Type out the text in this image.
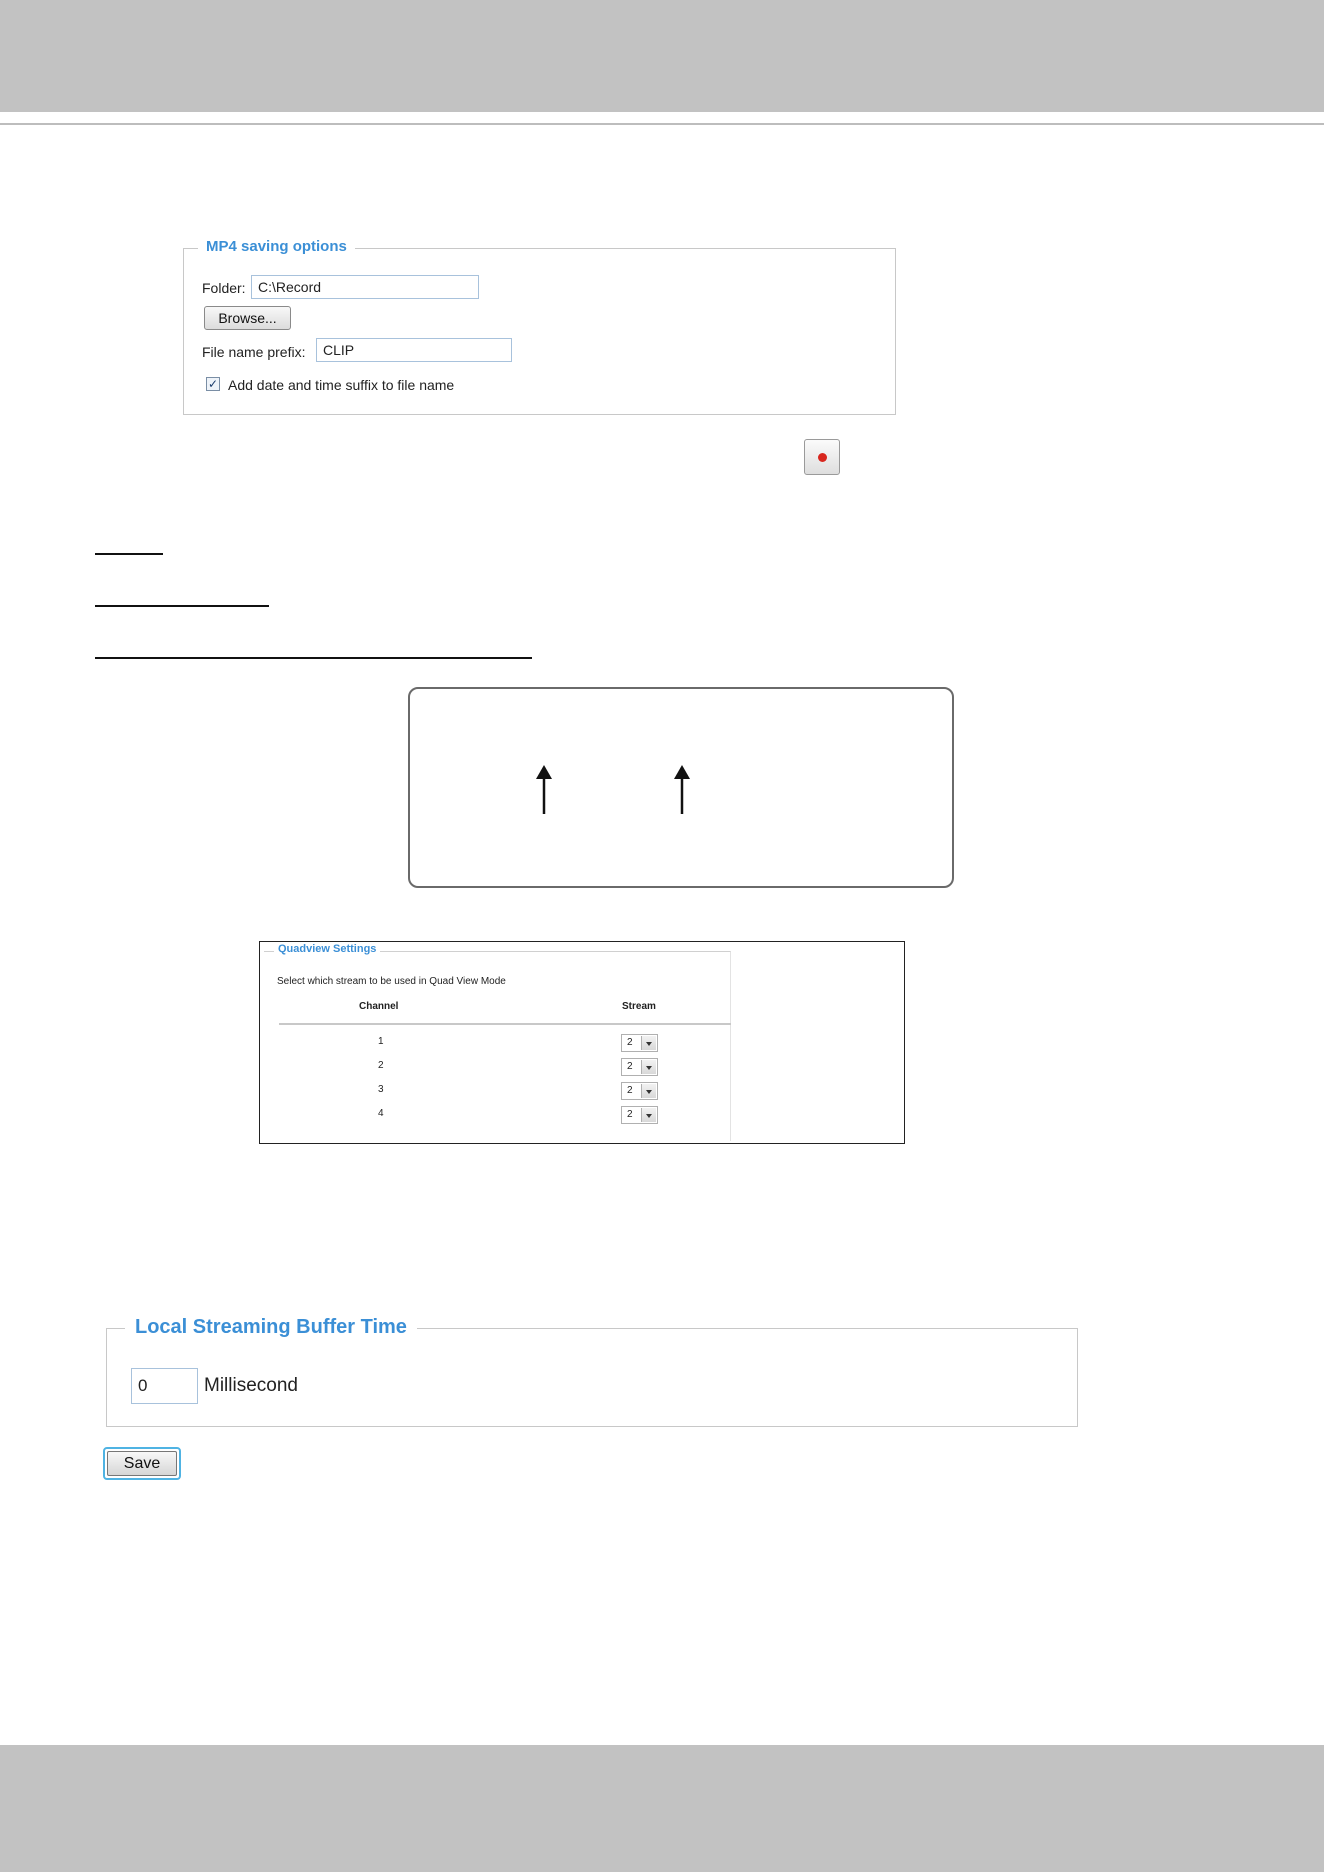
MP4 saving options
Folder:
C:\Record
Browse...
File name prefix:
CLIP
✓ Add date and time suffix to file name
Quadview Settings
Select which stream to be used in Quad View Mode
Channel	Stream
1	2
2	2
3	2
4	2
Local Streaming Buffer Time
0
Millisecond
Save
